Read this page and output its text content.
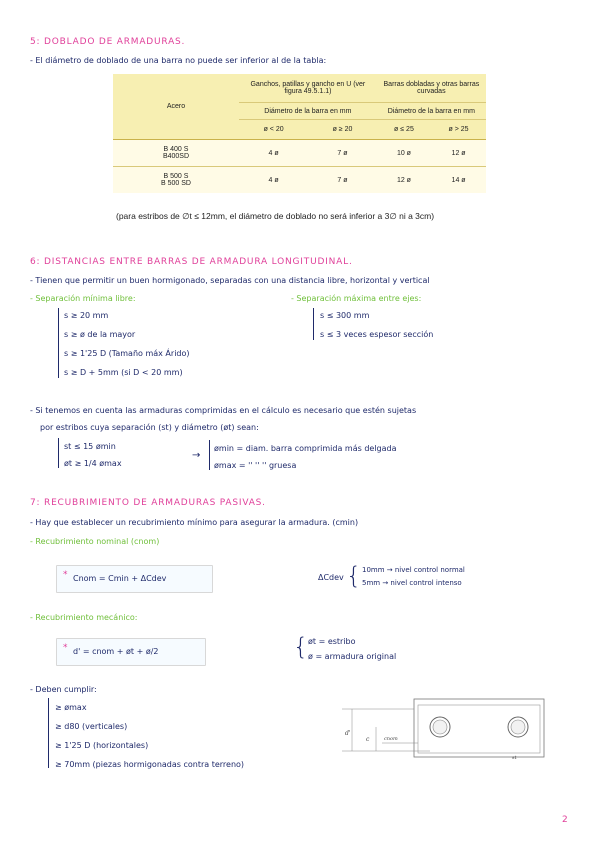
5: DOBLADO DE ARMADURAS.
- El diámetro de doblado de una barra no puede ser inferior al de la tabla:
Acero	Ganchos, patillas y gancho en U (ver figura 49.5.1.1)		Barras dobladas y otras barras curvadas	
	Diámetro de la barra en mm		Diámetro de la barra en mm	
	ø < 20	ø ≥ 20	ø ≤ 25	ø > 25
B 400 S
B400SD	4 ø	7 ø	10 ø	12 ø
B 500 S
B 500 SD	4 ø	7 ø	12 ø	14 ø
(para estribos de ∅t ≤ 12mm, el diámetro de doblado no será inferior a 3∅ ni a 3cm)
6: DISTANCIAS ENTRE BARRAS DE ARMADURA LONGITUDINAL.
- Tienen que permitir un buen hormigonado, separadas con una distancia libre, horizontal y vertical
- Separación mínima libre:
s ≥ 20 mm
s ≥ ø de la mayor
s ≥ 1'25 D (Tamaño máx Árido)
s ≥ D + 5mm (si D < 20 mm)
- Separación máxima entre ejes:
s ≤ 300 mm
s ≤ 3 veces espesor sección
- Si tenemos en cuenta las armaduras comprimidas en el cálculo es necesario que estén sujetas
por estribos cuya separación (st) y diámetro (øt) sean:
st ≤ 15 ømin
øt ≥ 1/4 ømax
→
ømin = diam. barra comprimida más delgada
ømax = '' '' '' gruesa
7: RECUBRIMIENTO DE ARMADURAS PASIVAS.
- Hay que establecer un recubrimiento mínimo para asegurar la armadura. (cmin)
- Recubrimiento nominal (cnom)
* Cnom = Cmin + ΔCdev	ΔCdev { 10mm → nivel control normal
5mm → nivel control intenso
- Recubrimiento mecánico:
* d' = cnom + øt + ø/2	{ øt = estribo
ø = armadura original
- Deben cumplir:
≥ ømax
≥ d80 (verticales)
≥ 1'25 D (horizontales)
≥ 70mm (piezas hormigonadas contra terreno)
d'
c	cnom
st
2
